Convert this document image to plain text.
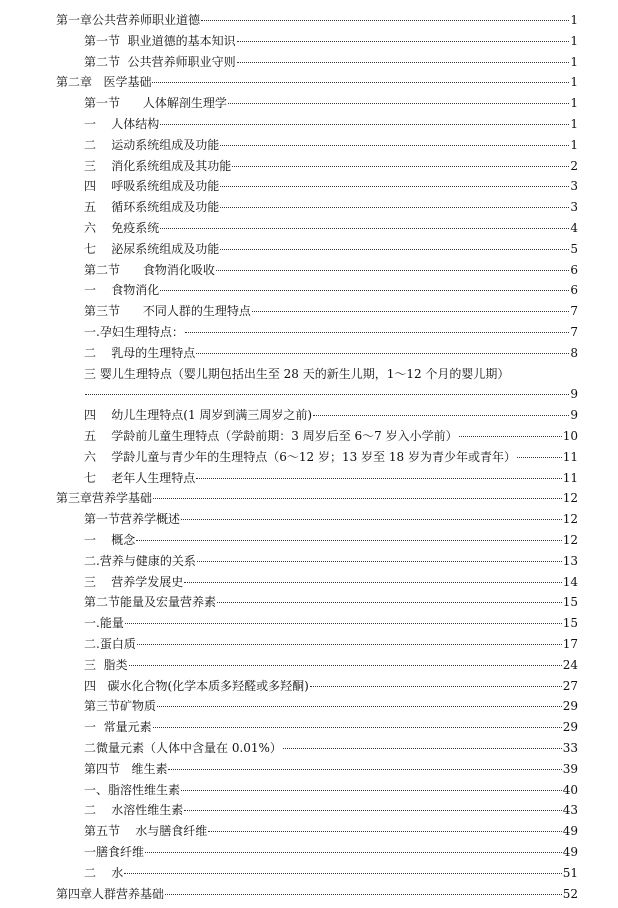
第一章公共营养师职业道德	1
第一节  职业道德的基本知识	1
第二节  公共营养师职业守则	1
第二章   医学基础	1
第一节      人体解剖生理学	1
一    人体结构	1
二    运动系统组成及功能	1
三    消化系统组成及其功能	2
四    呼吸系统组成及功能	3
五    循环系统组成及功能	3
六    免疫系统	4
七    泌尿系统组成及功能	5
第二节      食物消化吸收	6
一    食物消化	6
第三节      不同人群的生理特点	7
一.孕妇生理特点：	7
二    乳母的生理特点	8
三 婴儿生理特点（婴儿期包括出生至 28 天的新生儿期，1～12 个月的婴儿期）
9
四    幼儿生理特点(1 周岁到满三周岁之前)	9
五    学龄前儿童生理特点（学龄前期：3 周岁后至 6～7 岁入小学前）	10
六    学龄儿童与青少年的生理特点（6～12 岁；13 岁至 18 岁为青少年或青年）	11
七    老年人生理特点	11
第三章营养学基础	12
第一节营养学概述	12
一    概念	12
二.营养与健康的关系	13
三    营养学发展史	14
第二节能量及宏量营养素	15
一.能量	15
二.蛋白质	17
三  脂类	24
四   碳水化合物(化学本质多羟醛或多羟酮)	27
第三节矿物质	29
一  常量元素	29
二微量元素（人体中含量在 0.01%）	33
第四节   维生素	39
一、脂溶性维生素	40
二    水溶性维生素	43
第五节    水与膳食纤维	49
一膳食纤维	49
二    水	51
第四章人群营养基础	52
